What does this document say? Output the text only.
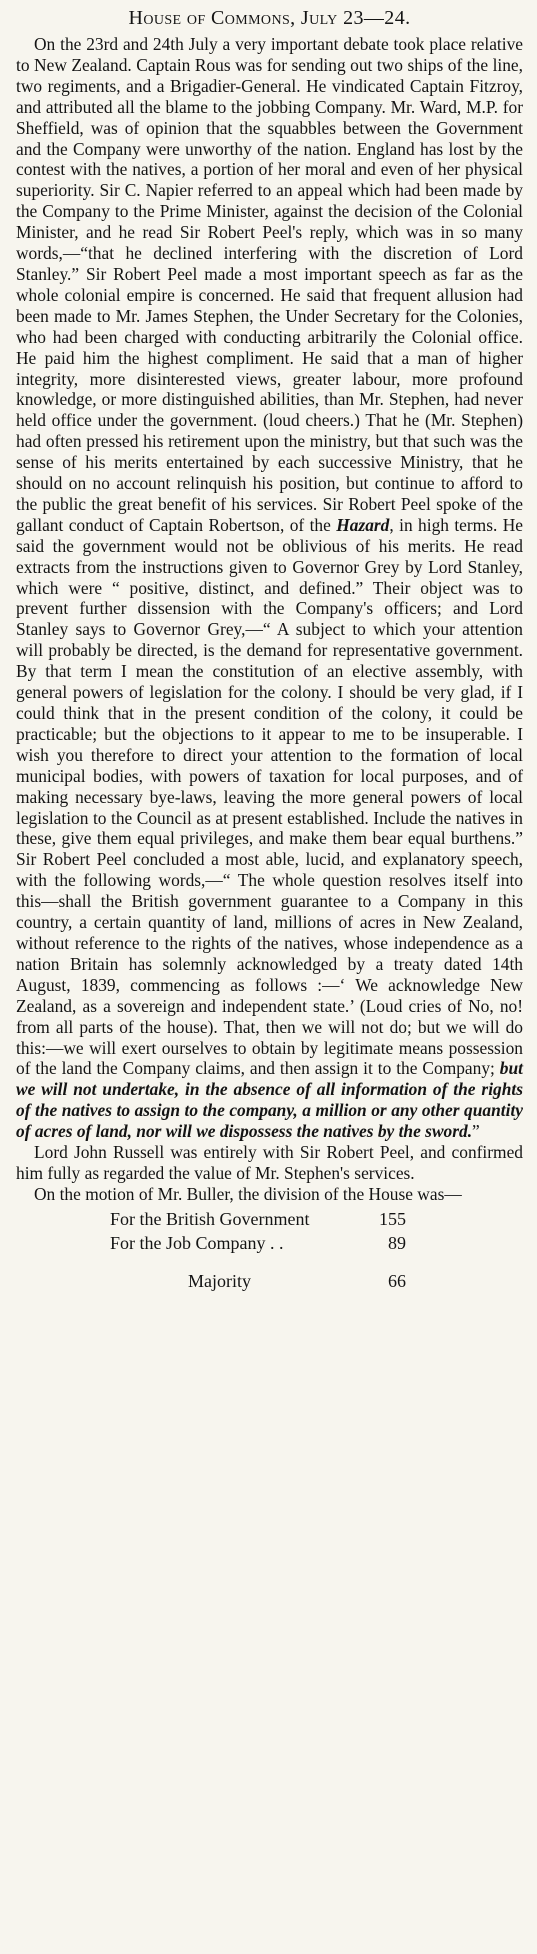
House of Commons, July 23—24.

On the 23rd and 24th July a very important debate took place relative to New Zealand. Captain Rous was for sending out two ships of the line, two regiments, and a Brigadier-General. He vindicated Captain Fitzroy, and attributed all the blame to the jobbing Company. Mr. Ward, M.P. for Sheffield, was of opinion that the squabbles between the Government and the Company were unworthy of the nation. England has lost by the contest with the natives, a portion of her moral and even of her physical superiority. Sir C. Napier referred to an appeal which had been made by the Company to the Prime Minister, against the decision of the Colonial Minister, and he read Sir Robert Peel's reply, which was in so many words,—“that he declined interfering with the discretion of Lord Stanley.” Sir Robert Peel made a most important speech as far as the whole colonial empire is concerned. He said that frequent allusion had been made to Mr. James Stephen, the Under Secretary for the Colonies, who had been charged with conducting arbitrarily the Colonial office. He paid him the highest compliment. He said that a man of higher integrity, more disinterested views, greater labour, more profound knowledge, or more distinguished abilities, than Mr. Stephen, had never held office under the government. (loud cheers.) That he (Mr. Stephen) had often pressed his retirement upon the ministry, but that such was the sense of his merits entertained by each successive Ministry, that he should on no account relinquish his position, but continue to afford to the public the great benefit of his services. Sir Robert Peel spoke of the gallant conduct of Captain Robertson, of the Hazard, in high terms. He said the government would not be oblivious of his merits. He read extracts from the instructions given to Governor Grey by Lord Stanley, which were “ positive, distinct, and defined.” Their object was to prevent further dissension with the Company's officers; and Lord Stanley says to Governor Grey,—“ A subject to which your attention will probably be directed, is the demand for representative government. By that term I mean the constitution of an elective assembly, with general powers of legislation for the colony. I should be very glad, if I could think that in the present condition of the colony, it could be practicable; but the objections to it appear to me to be insuperable. I wish you therefore to direct your attention to the formation of local municipal bodies, with powers of taxation for local purposes, and of making necessary bye-laws, leaving the more general powers of local legislation to the Council as at present established. Include the natives in these, give them equal privileges, and make them bear equal burthens.” Sir Robert Peel concluded a most able, lucid, and explanatory speech, with the following words,—“ The whole question resolves itself into this—shall the British government guarantee to a Company in this country, a certain quantity of land, millions of acres in New Zealand, without reference to the rights of the natives, whose independence as a nation Britain has solemnly acknowledged by a treaty dated 14th August, 1839, commencing as follows :—‘ We acknowledge New Zealand, as a sovereign and independent state.’ (Loud cries of No, no! from all parts of the house). That, then we will not do; but we will do this:—we will exert ourselves to obtain by legitimate means possession of the land the Company claims, and then assign it to the Company; but we will not undertake, in the absence of all information of the rights of the natives to assign to the company, a million or any other quantity of acres of land, nor will we dispossess the natives by the sword.”

Lord John Russell was entirely with Sir Robert Peel, and confirmed him fully as regarded the value of Mr. Stephen's services.

On the motion of Mr. Buller, the division of the House was—

For the British Government	155
For the Job Company . .	89
Majority	66
